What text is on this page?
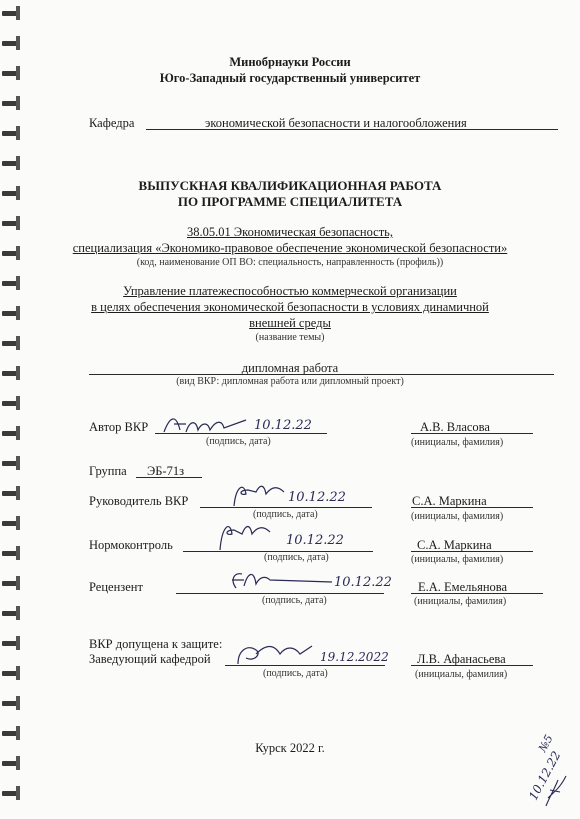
Минобрнауки России
Юго-Западный государственный университет
Кафедра	экономической безопасности и налогообложения
ВЫПУСКНАЯ КВАЛИФИКАЦИОННАЯ РАБОТА
ПО ПРОГРАММЕ СПЕЦИАЛИТЕТА
38.05.01 Экономическая безопасность,
специализация «Экономико-правовое обеспечение экономической безопасности»
(код, наименование ОП ВО: специальность, направленность (профиль))
Управление платежеспособностью коммерческой организации
в целях обеспечения экономической безопасности в условиях динамичной
внешней среды
(название темы)
дипломная работа
(вид ВКР: дипломная работа или дипломный проект)
Автор ВКР	10.12.22
(подпись, дата)
А.В. Власова
(инициалы, фамилия)
Группа ЭБ-71з
Руководитель ВКР	10.12.22
(подпись, дата)
С.А. Маркина
(инициалы, фамилия)
Нормоконтроль	10.12.22
(подпись, дата)
С.А. Маркина
(инициалы, фамилия)
Рецензент	10.12.22
(подпись, дата)
Е.А. Емельянова
(инициалы, фамилия)
ВКР допущена к защите:
Заведующий кафедрой	19.12.2022
(подпись, дата)
Л.В. Афанасьева
(инициалы, фамилия)
Курск 2022 г.	№5
10.12.22
